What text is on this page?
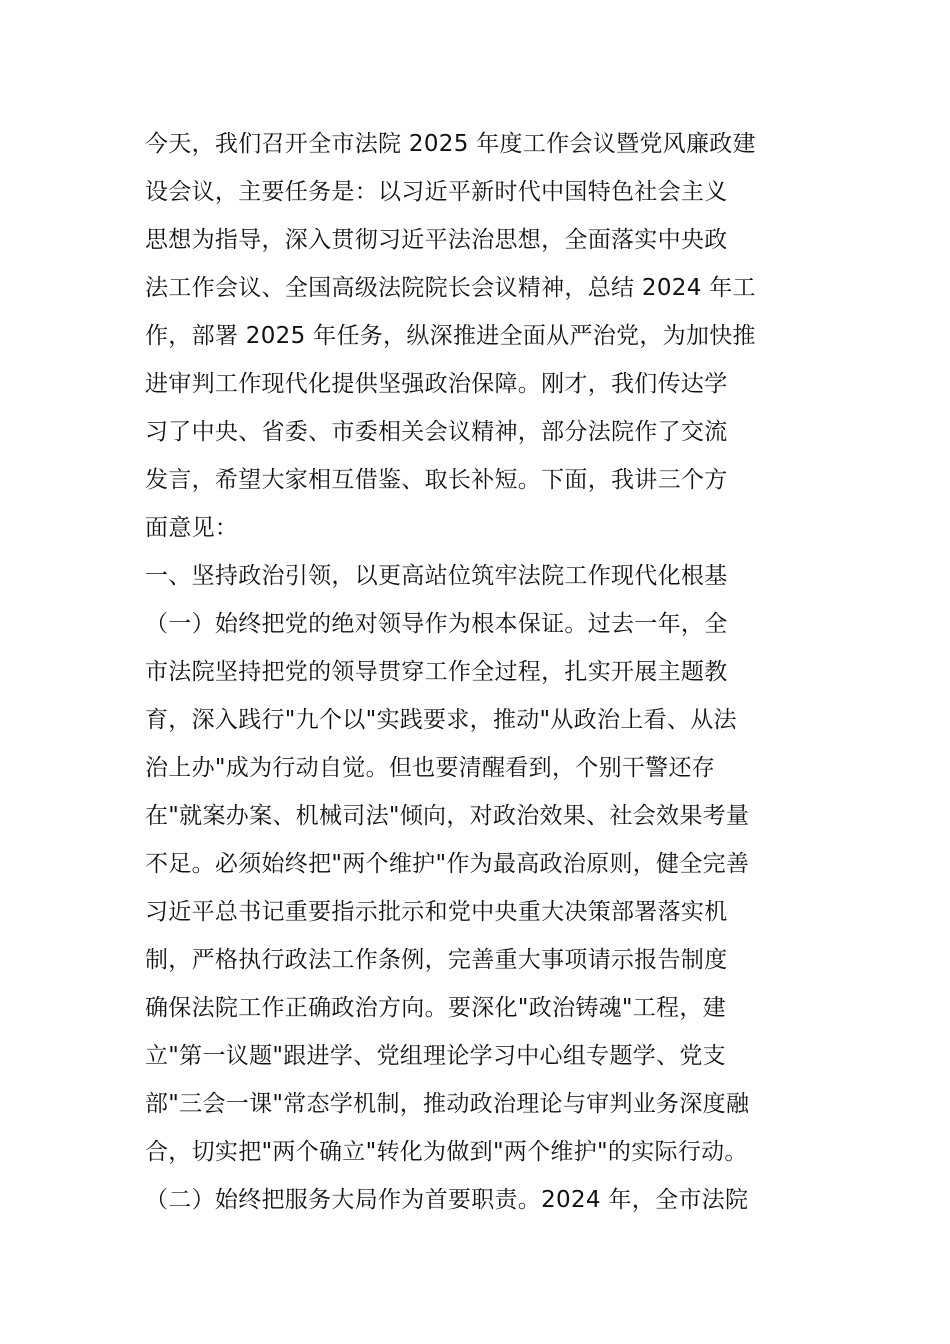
今天，我们召开全市法院 2025 年度工作会议暨党风廉政建
设会议，主要任务是：以习近平新时代中国特色社会主义
思想为指导，深入贯彻习近平法治思想，全面落实中央政
法工作会议、全国高级法院院长会议精神，总结 2024 年工
作，部署 2025 年任务，纵深推进全面从严治党，为加快推
进审判工作现代化提供坚强政治保障。刚才，我们传达学
习了中央、省委、市委相关会议精神，部分法院作了交流
发言，希望大家相互借鉴、取长补短。下面，我讲三个方
面意见：
一、坚持政治引领，以更高站位筑牢法院工作现代化根基
（一）始终把党的绝对领导作为根本保证。过去一年，全
市法院坚持把党的领导贯穿工作全过程，扎实开展主题教
育，深入践行"九个以"实践要求，推动"从政治上看、从法
治上办"成为行动自觉。但也要清醒看到，个别干警还存
在"就案办案、机械司法"倾向，对政治效果、社会效果考量
不足。必须始终把"两个维护"作为最高政治原则，健全完善
习近平总书记重要指示批示和党中央重大决策部署落实机
制，严格执行政法工作条例，完善重大事项请示报告制度
确保法院工作正确政治方向。要深化"政治铸魂"工程，建
立"第一议题"跟进学、党组理论学习中心组专题学、党支
部"三会一课"常态学机制，推动政治理论与审判业务深度融
合，切实把"两个确立"转化为做到"两个维护"的实际行动。
（二）始终把服务大局作为首要职责。2024 年，全市法院
